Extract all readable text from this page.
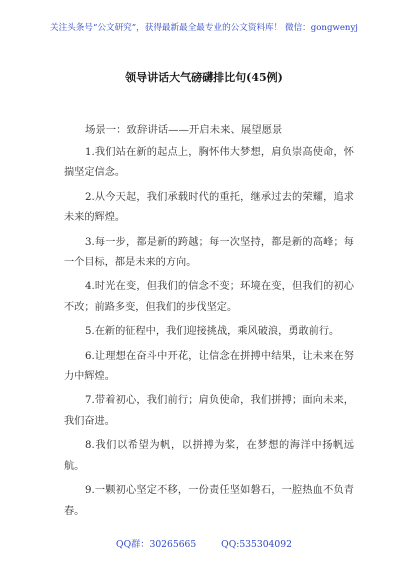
关注头条号“公文研究”，获得最新最全最专业的公文资料库！ 微信：gongwenyj
领导讲话大气磅礴排比句(45例)
场景一：致辞讲话——开启未来、展望愿景

1.我们站在新的起点上，胸怀伟大梦想，肩负崇高使命，怀揣坚定信念。

2.从今天起，我们承载时代的重托，继承过去的荣耀，追求未来的辉煌。

3.每一步，都是新的跨越；每一次坚持，都是新的高峰；每一个目标，都是未来的方向。

4.时光在变，但我们的信念不变；环境在变，但我们的初心不改；前路多变，但我们的步伐坚定。

5.在新的征程中，我们迎接挑战，乘风破浪，勇敢前行。

6.让理想在奋斗中开花，让信念在拼搏中结果，让未来在努力中辉煌。

7.带着初心，我们前行；肩负使命，我们拼搏；面向未来，我们奋进。

8.我们以希望为帆，以拼搏为桨，在梦想的海洋中扬帆远航。

9.一颗初心坚定不移，一份责任坚如磐石，一腔热血不负青春。

QQ群：30265665	QQ:535304092
